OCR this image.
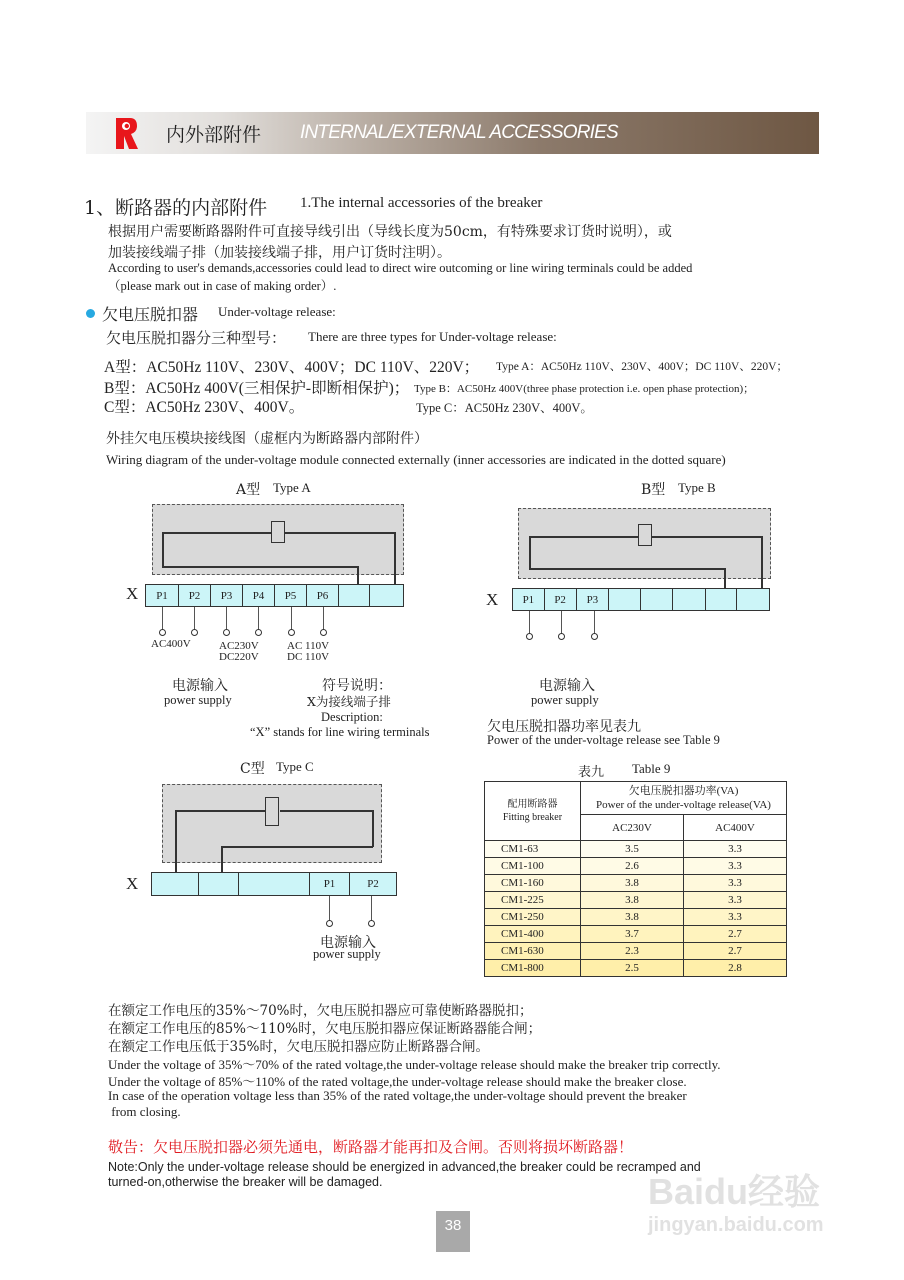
内外部附件 INTERNAL/EXTERNAL ACCESSORIES
1、断路器的内部附件 1.The internal accessories of the breaker
根据用户需要断路器附件可直接导线引出（导线长度为50cm，有特殊要求订货时说明），或
加装接线端子排（加装接线端子排，用户订货时注明）。
According to user's demands,accessories could lead to direct wire outcoming or line wiring terminals could be added
（please mark out in case of making order）.
欠电压脱扣器 Under-voltage release:
欠电压脱扣器分三种型号： There are three types for Under-voltage release:
A型：AC50Hz 110V、230V、400V；DC 110V、220V； Type A：AC50Hz 110V、230V、400V；DC 110V、220V；
B型：AC50Hz 400V(三相保护-即断相保护)； Type B：AC50Hz 400V(three phase protection i.e. open phase protection)；
C型：AC50Hz 230V、400V。	Type C：AC50Hz 230V、400V。
外挂欠电压模块接线图（虚框内为断路器内部附件）
Wiring diagram of the under-voltage module connected externally (inner accessories are indicated in the dotted square)
A型 Type A
X	P1	P2	P3	P4	P5	P6
AC400V	AC230V
DC220V
AC 110V
DC 110V
电源输入
power supply
符号说明：
X为接线端子排
Description:
“X” stands for line wiring terminals
B型 Type B
X	P1	P2	P3
电源输入
power supply
欠电压脱扣器功率见表九
Power of the under-voltage release see Table 9
表九 Table 9
C型 Type C
X	P1	P2
电源输入
power supply
配用断路器
Fitting breaker

欠电压脱扣器功率(VA)
Power of the under-voltage release(VA)

	AC230V	AC400V
CM1-63	3.5	3.3
CM1-100	2.6	3.3
CM1-160	3.8	3.3
CM1-225	3.8	3.3
CM1-250	3.8	3.3
CM1-400	3.7	2.7
CM1-630	2.3	2.7
CM1-800	2.5	2.8
在额定工作电压的35%～70%时，欠电压脱扣器应可靠使断路器脱扣；
在额定工作电压的85%～110%时，欠电压脱扣器应保证断路器能合闸；
在额定工作电压低于35%时，欠电压脱扣器应防止断路器合闸。
Under the voltage of 35%～70% of the rated voltage,the under-voltage release should make the breaker trip correctly.
Under the voltage of 85%～110% of the rated voltage,the under-voltage release should make the breaker close.
In case of the operation voltage less than 35% of the rated voltage,the under-voltage should prevent the breaker
from closing.
敬告：欠电压脱扣器必须先通电，断路器才能再扣及合闸。否则将损坏断路器！
Note:Only the under-voltage release should be energized in advanced,the breaker could be recramped and
turned-on,otherwise the breaker will be damaged.
38
Baidu经验
jingyan.baidu.com
